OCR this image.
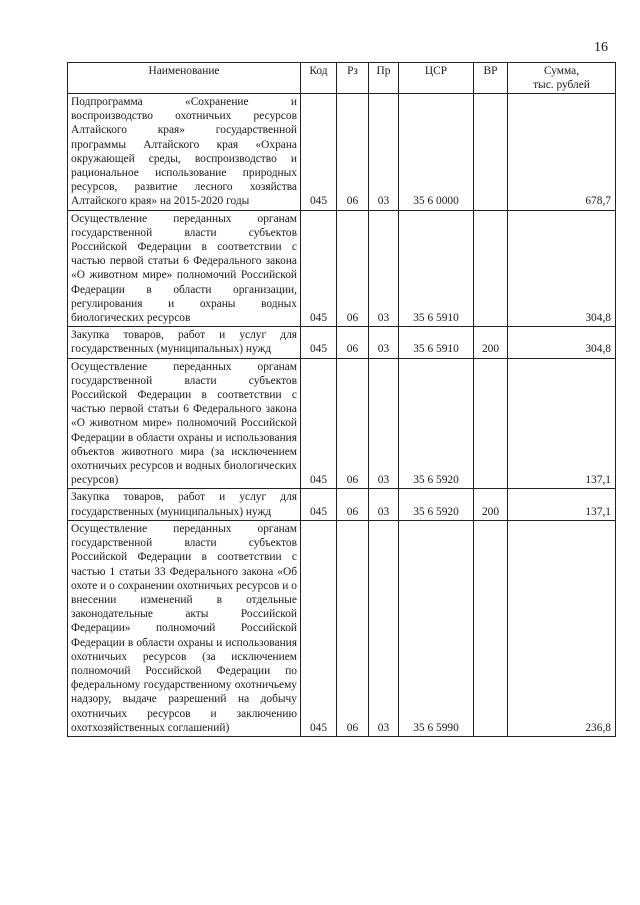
16
Наименование	Код	Рз	Пр	ЦСР	ВР	Сумма,
тыс. рублей
Подпрограмма «Сохранение и воспроизводство охотничьих ресурсов Алтайского края» государственной программы Алтайского края «Охрана окружающей среды, воспроизводство и рациональное использование природных ресурсов, развитие лесного хозяйства Алтайского края» на 2015-2020 годы	045	06	03	35 6 0000		678,7
Осуществление переданных органам государственной власти субъектов Российской Федерации в соответствии с частью первой статьи 6 Федерального закона «О животном мире» полномочий Российской Федерации в области организации, регулирования и охраны водных биологических ресурсов	045	06	03	35 6 5910		304,8
Закупка товаров, работ и услуг для государственных (муниципальных) нужд	045	06	03	35 6 5910	200	304,8
Осуществление переданных органам государственной власти субъектов Российской Федерации в соответствии с частью первой статьи 6 Федерального закона «О животном мире» полномочий Российской Федерации в области охраны и использования объектов животного мира (за исключением охотничьих ресурсов и водных биологических ресурсов)	045	06	03	35 6 5920		137,1
Закупка товаров, работ и услуг для государственных (муниципальных) нужд	045	06	03	35 6 5920	200	137,1
Осуществление переданных органам государственной власти субъектов Российской Федерации в соответствии с частью 1 статьи 33 Федерального закона «Об охоте и о сохранении охотничьих ресурсов и о внесении изменений в отдельные законодательные акты Российской Федерации» полномочий Российской Федерации в области охраны и использования охотничьих ресурсов (за исключением полномочий Российской Федерации по федеральному государственному охотничьему надзору, выдаче разрешений на добычу охотничьих ресурсов и заключению охотхозяйственных соглашений)	045	06	03	35 6 5990		236,8
